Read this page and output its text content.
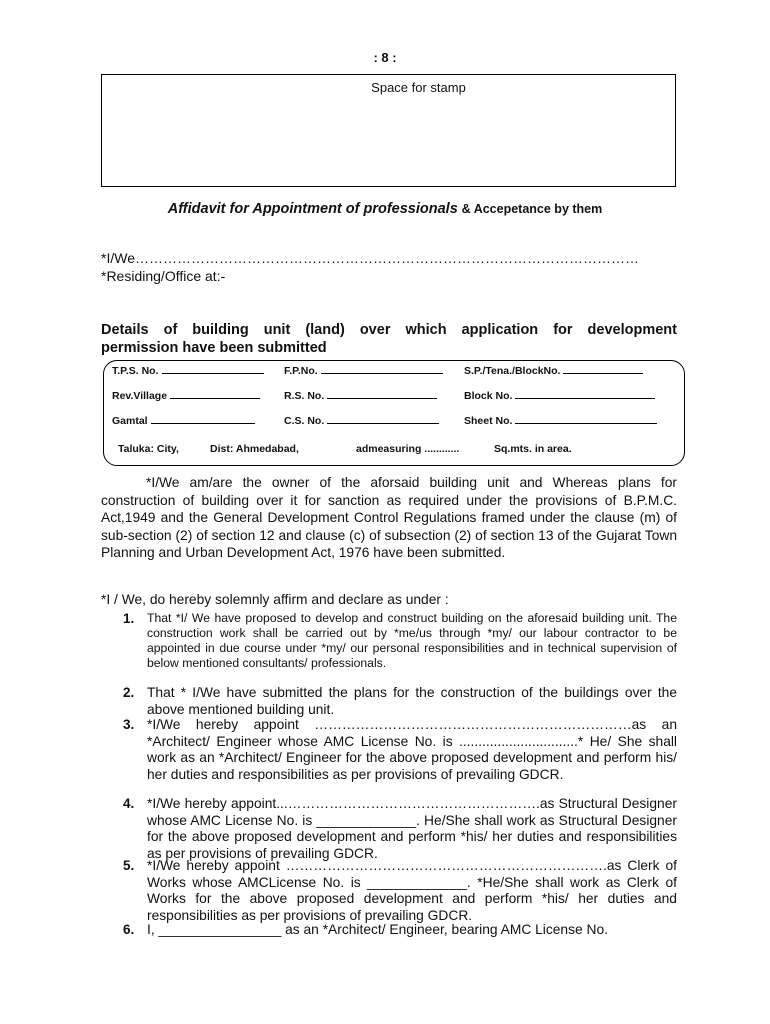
: 8 :
Space for stamp
Affidavit for Appointment of professionals & Accepetance by them
*I/We………………………………………………………………………………………………
*Residing/Office at:-
Details of building unit (land) over which application for development
permission have been submitted
T.P.S. No.	F.P.No.	S.P./Tena./BlockNo.
Rev.Village	R.S. No.	Block No.
Gamtal	C.S. No.	Sheet No.
Taluka: City,	Dist: Ahmedabad,	admeasuring ............	Sq.mts. in area.
*I/We am/are the owner of the aforsaid building unit and Whereas plans for construction of building over it for sanction as required under the provisions of B.P.M.C. Act,1949 and the General Development Control Regulations framed under the clause (m) of sub-section (2) of section 12 and clause (c) of subsection (2) of section 13 of the Gujarat Town Planning and Urban Development Act, 1976 have been submitted.
*I / We, do hereby solemnly affirm and declare as under :
1. That *I/ We have proposed to develop and construct building on the aforesaid building unit. The construction work shall be carried out by *me/us through *my/ our labour contractor to be appointed in due course under *my/ our personal responsibilities and in technical supervision of below mentioned consultants/ professionals.
2. That * I/We have submitted the plans for the construction of the buildings over the above mentioned building unit.
3. *I/We hereby appoint ……………………………………………………………as an *Architect/ Engineer whose AMC License No. is ...............................* He/ She shall work as an *Architect/ Engineer for the above proposed development and perform his/ her duties and responsibilities as per provisions of prevailing GDCR.
4. *I/We hereby appoint...……………………………………………….as Structural Designer whose AMC License No. is _____________. He/She shall work as Structural Designer for the above proposed development and perform *his/ her duties and responsibilities as per provisions of prevailing GDCR.
5. *I/We hereby appoint …………………………………………………………….as Clerk of Works whose AMCLicense No. is _____________. *He/She shall work as Clerk of Works for the above proposed development and perform *his/ her duties and responsibilities as per provisions of prevailing GDCR.
6. I, ________________ as an *Architect/ Engineer, bearing AMC License No.
